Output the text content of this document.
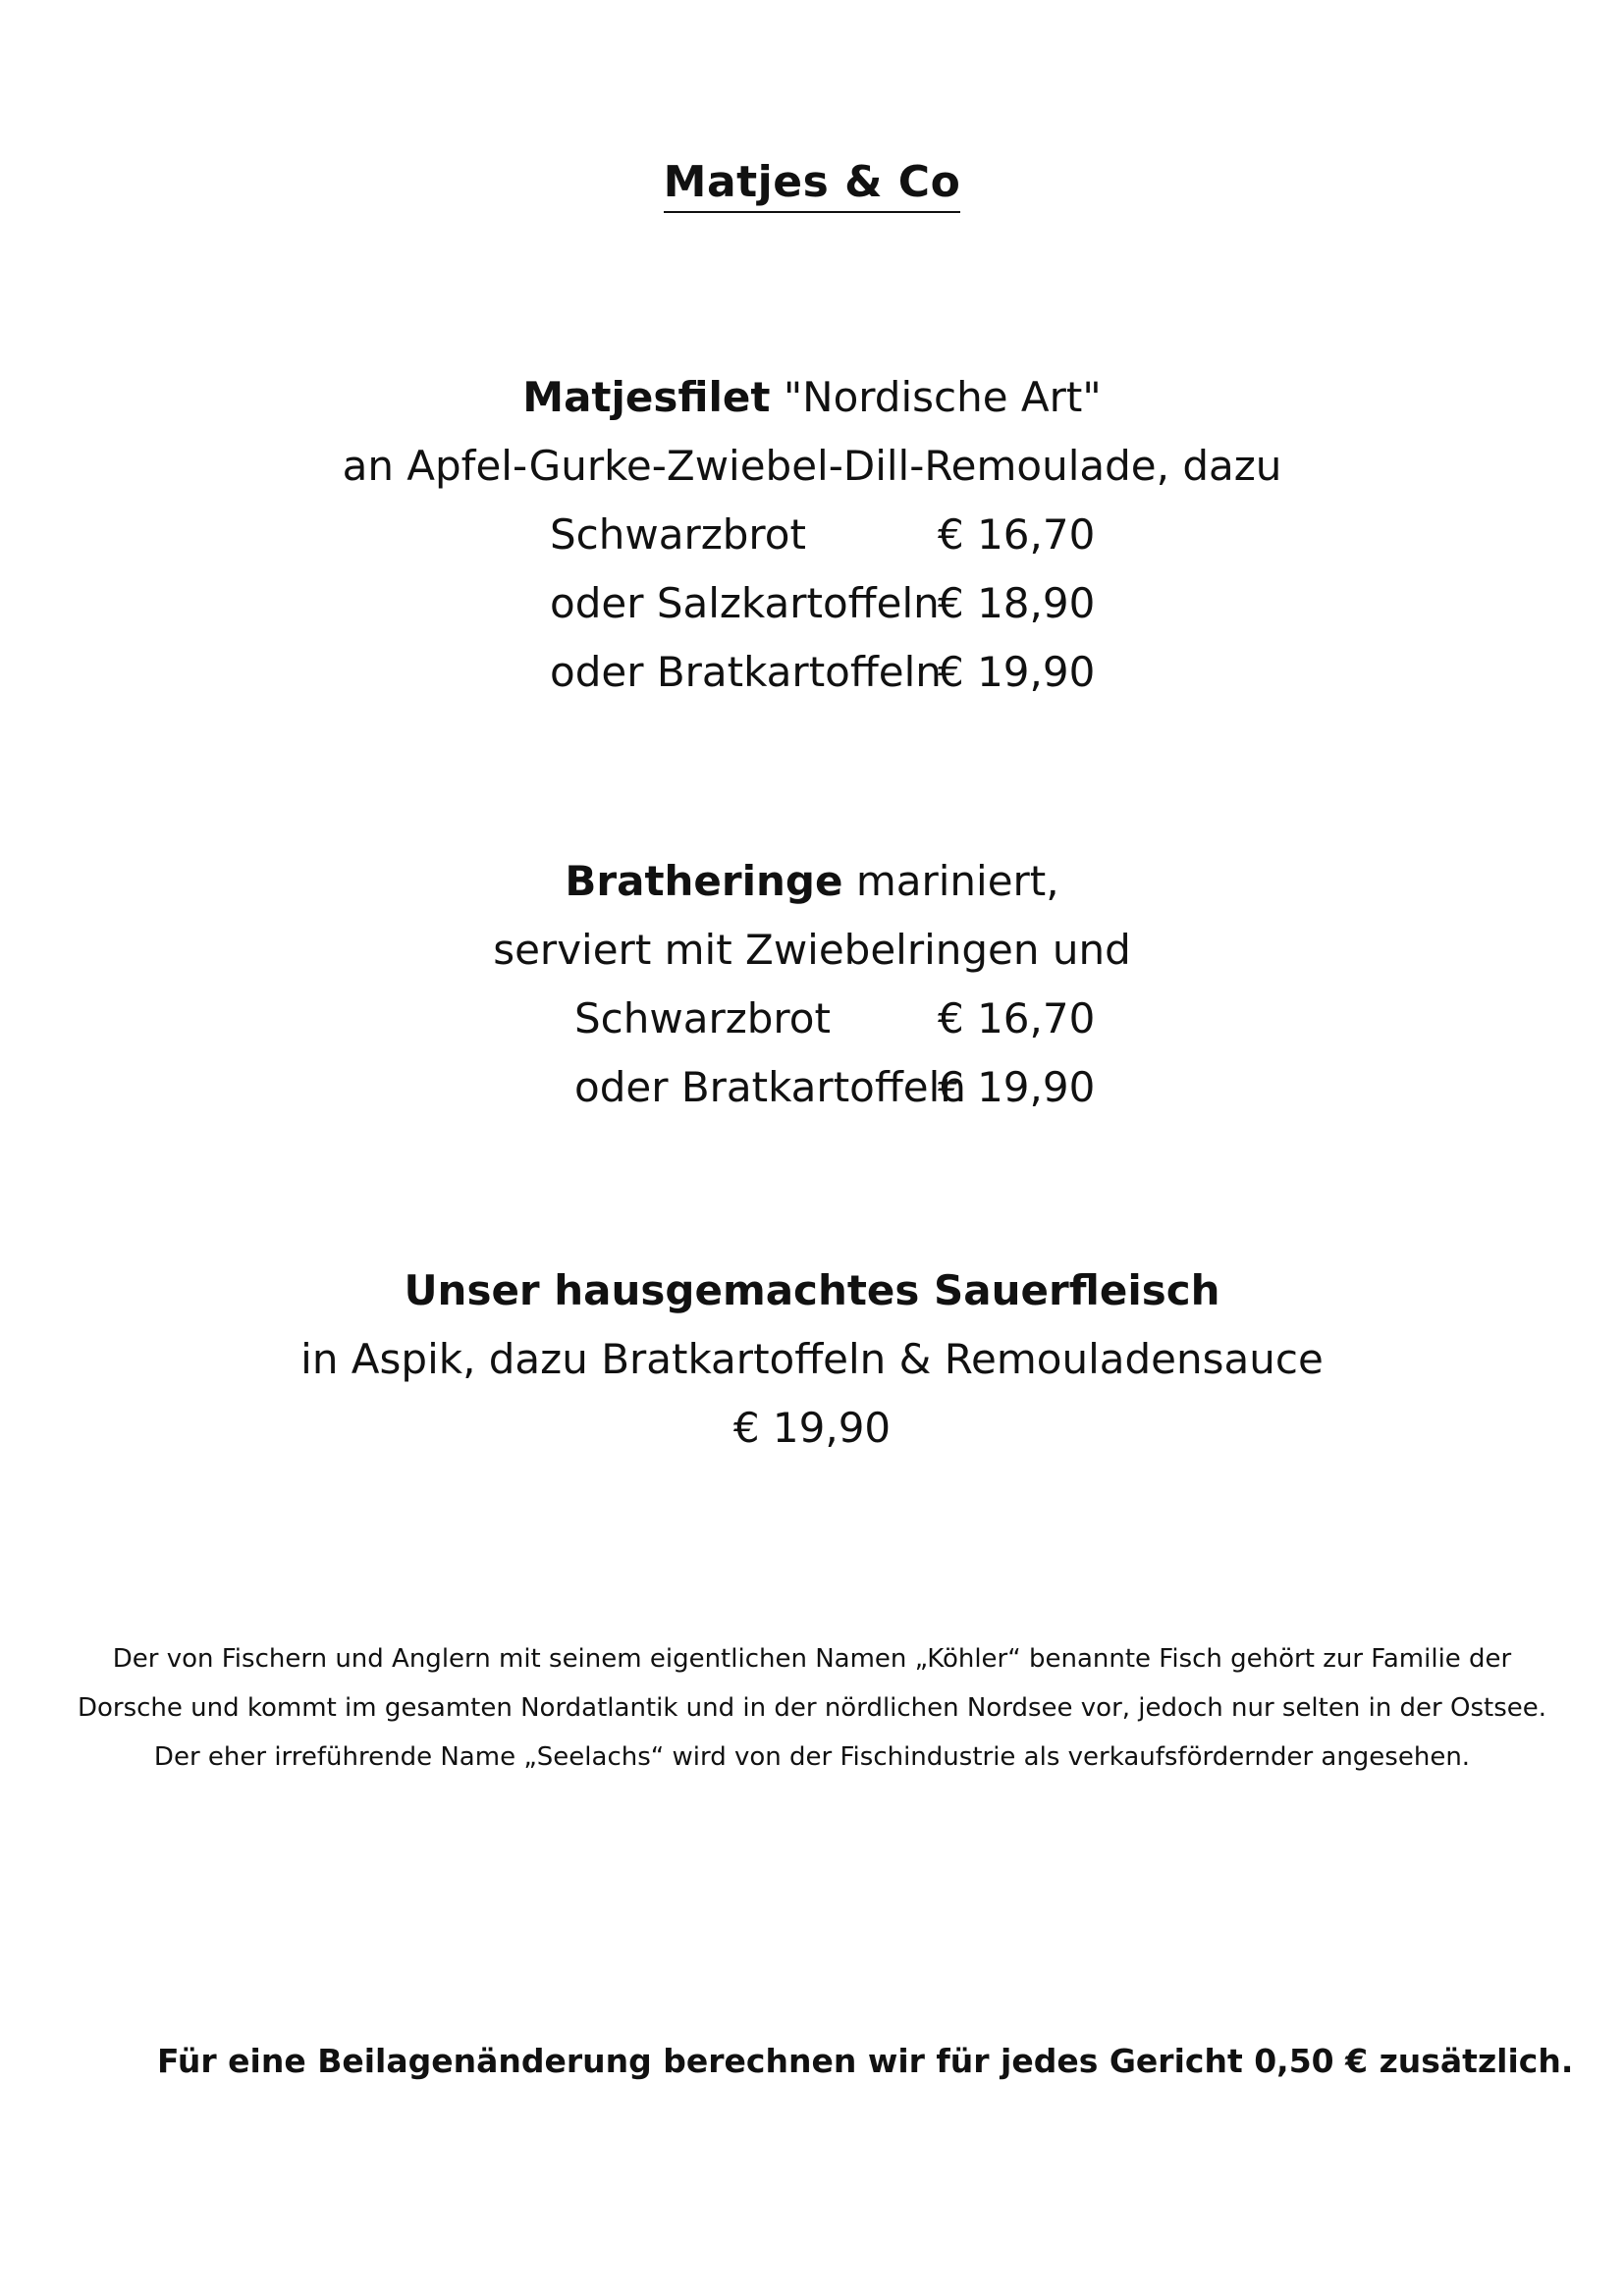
Matjes & Co
Matjesfilet "Nordische Art"
an Apfel-Gurke-Zwiebel-Dill-Remoulade, dazu
Schwarzbrot	€ 16,70
oder Salzkartoffeln
€ 18,90
oder Bratkartoffeln
€ 19,90
Bratheringe mariniert,
serviert mit Zwiebelringen und
Schwarzbrot	€ 16,70
oder Bratkartoffeln
€ 19,90
Unser hausgemachtes Sauerfleisch
in Aspik, dazu Bratkartoffeln & Remouladensauce
€ 19,90
Der von Fischern und Anglern mit seinem eigentlichen Namen „Köhler“ benannte Fisch gehört zur Familie der
Dorsche und kommt im gesamten Nordatlantik und in der nördlichen Nordsee vor, jedoch nur selten in der Ostsee.
Der eher irreführende Name „Seelachs“ wird von der Fischindustrie als verkaufsfördernder angesehen.
Für eine Beilagenänderung berechnen wir für jedes Gericht 0,50 € zusätzlich.
